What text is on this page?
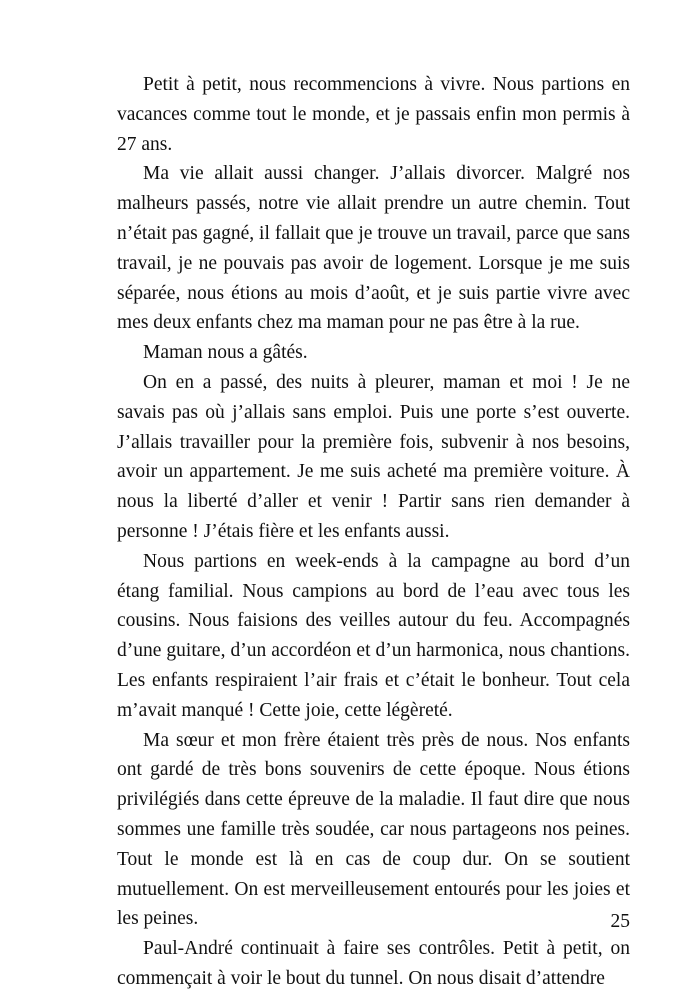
Petit à petit, nous recommencions à vivre. Nous partions en vacances comme tout le monde, et je passais enfin mon permis à 27 ans.

Ma vie allait aussi changer. J’allais divorcer. Malgré nos malheurs passés, notre vie allait prendre un autre chemin. Tout n’était pas gagné, il fallait que je trouve un travail, parce que sans travail, je ne pouvais pas avoir de logement. Lorsque je me suis séparée, nous étions au mois d’août, et je suis partie vivre avec mes deux enfants chez ma maman pour ne pas être à la rue.

Maman nous a gâtés.

On en a passé, des nuits à pleurer, maman et moi ! Je ne savais pas où j’allais sans emploi. Puis une porte s’est ouverte. J’allais travailler pour la première fois, subvenir à nos besoins, avoir un appartement. Je me suis acheté ma première voiture. À nous la liberté d’aller et venir ! Partir sans rien demander à personne ! J’étais fière et les enfants aussi.

Nous partions en week-ends à la campagne au bord d’un étang familial. Nous campions au bord de l’eau avec tous les cousins. Nous faisions des veilles autour du feu. Accompagnés d’une guitare, d’un accordéon et d’un harmonica, nous chantions. Les enfants respiraient l’air frais et c’était le bonheur. Tout cela m’avait manqué ! Cette joie, cette légèreté.

Ma sœur et mon frère étaient très près de nous. Nos enfants ont gardé de très bons souvenirs de cette époque. Nous étions privilégiés dans cette épreuve de la maladie. Il faut dire que nous sommes une famille très soudée, car nous partageons nos peines. Tout le monde est là en cas de coup dur. On se soutient mutuellement. On est merveilleusement entourés pour les joies et les peines.

Paul-André continuait à faire ses contrôles. Petit à petit, on commençait à voir le bout du tunnel. On nous disait d’attendre

25
